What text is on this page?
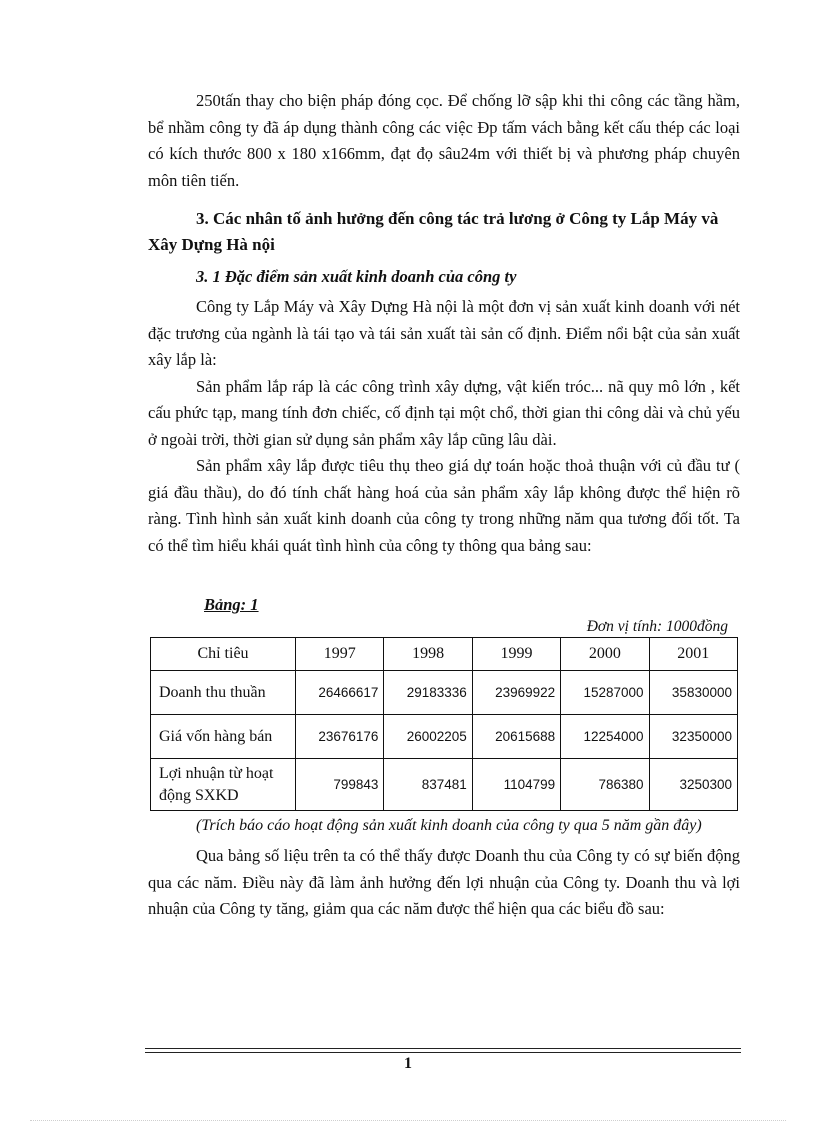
250tấn thay cho biện pháp đóng cọc. Để chống lỡ sập khi thi công các tầng hầm, bể nhầm công ty đã áp dụng thành công các việc Đp tấm vách bằng kết cấu thép các loại có kích thước 800 x 180 x166mm, đạt đọ sâu24m với thiết bị và phương pháp chuyên môn tiên tiến.

3. Các nhân tố ảnh hưởng đến công tác trả lương ở Công ty Lắp Máy và Xây Dựng Hà nội

3. 1 Đặc điểm sản xuất kinh doanh của công ty

Công ty Lắp Máy và Xây Dựng Hà nội là một đơn vị sản xuất kinh doanh với nét đặc trương của ngành là tái tạo và tái sản xuất tài sản cố định. Điểm nổi bật của sản xuất xây lắp là:

Sản phẩm lắp ráp là các công trình xây dựng, vật kiến tróc... nã quy mô lớn , kết cấu phức tạp, mang tính đơn chiếc, cố định tại một chổ, thời gian thi công dài và chủ yếu ở ngoài trời, thời gian sử dụng sản phẩm xây lắp cũng lâu dài.

Sản phẩm xây lắp được tiêu thụ theo giá dự toán hoặc thoả thuận với củ đầu tư ( giá đầu thầu), do đó tính chất hàng hoá của sản phẩm xây lắp không được thể hiện rõ ràng. Tình hình sản xuất kinh doanh của công ty trong những năm qua tương đối tốt. Ta có thể tìm hiểu khái quát tình hình của công ty thông qua bảng sau:

Bảng: 1

Đơn vị tính: 1000đồng

Chỉ tiêu	1997	1998	1999	2000	2001
Doanh thu thuần	26466617	29183336	23969922	15287000	35830000
Giá vốn hàng bán	23676176	26002205	20615688	12254000	32350000
Lợi nhuận từ hoạt động SXKD	799843	837481	1104799	786380	3250300

(Trích báo cáo hoạt động sản xuất kinh doanh của công ty qua 5 năm gần đây)

Qua bảng số liệu trên ta có thể thấy được Doanh thu của Công ty có sự biến động qua các năm. Điều này đã làm ảnh hưởng đến lợi nhuận của Công ty. Doanh thu và lợi nhuận của Công ty tăng, giảm qua các năm được thể hiện qua các biểu đồ sau:

1
